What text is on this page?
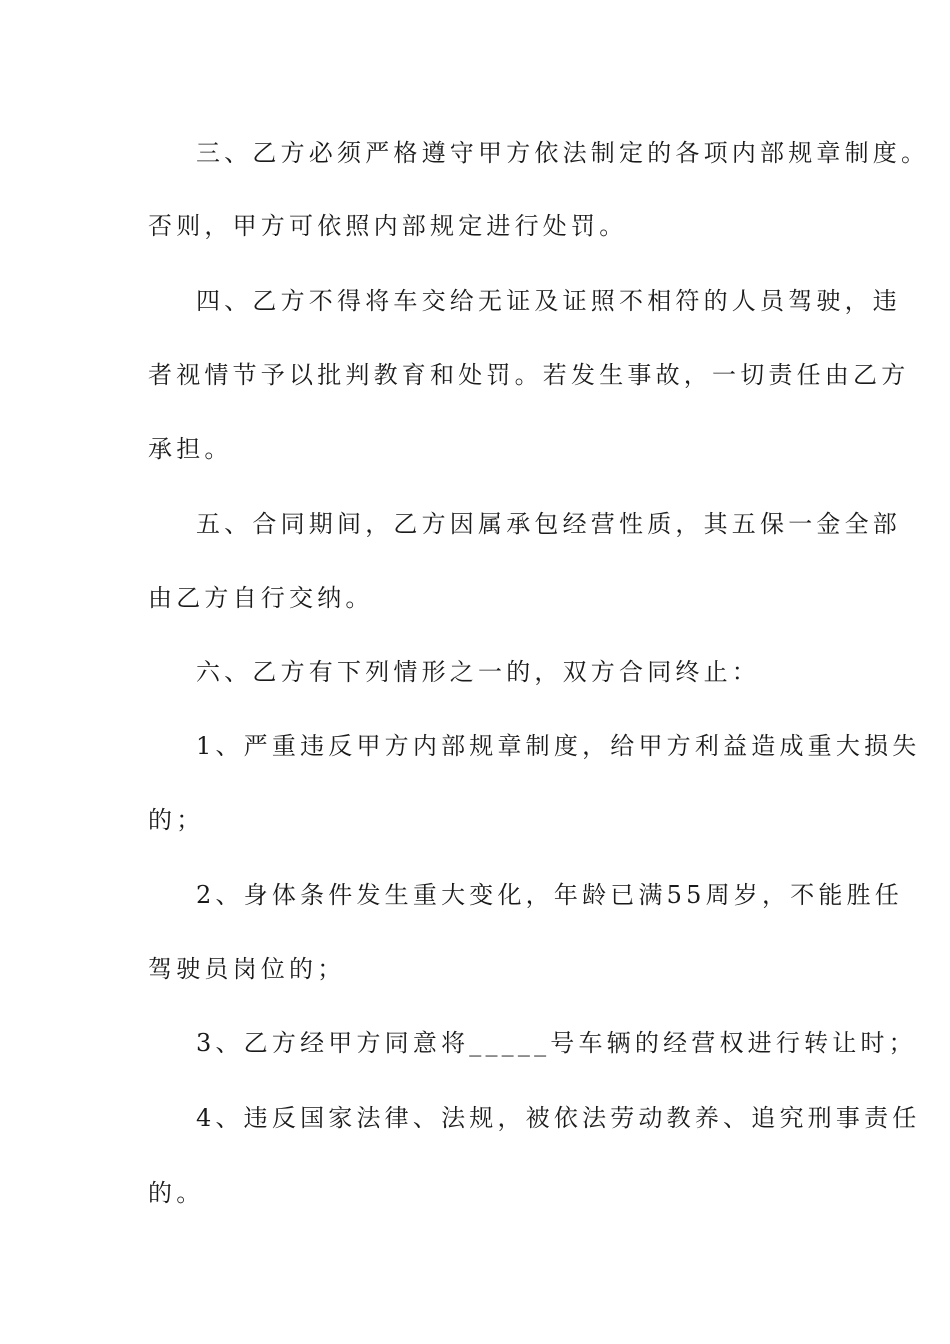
三、乙方必须严格遵守甲方依法制定的各项内部规章制度。
否则，甲方可依照内部规定进行处罚。
四、乙方不得将车交给无证及证照不相符的人员驾驶，违
者视情节予以批判教育和处罚。若发生事故，一切责任由乙方
承担。
五、合同期间，乙方因属承包经营性质，其五保一金全部
由乙方自行交纳。
六、乙方有下列情形之一的，双方合同终止：
1、严重违反甲方内部规章制度，给甲方利益造成重大损失
的；
2、身体条件发生重大变化，年龄已满55周岁，不能胜任
驾驶员岗位的；
3、乙方经甲方同意将_____号车辆的经营权进行转让时；
4、违反国家法律、法规，被依法劳动教养、追究刑事责任
的。
